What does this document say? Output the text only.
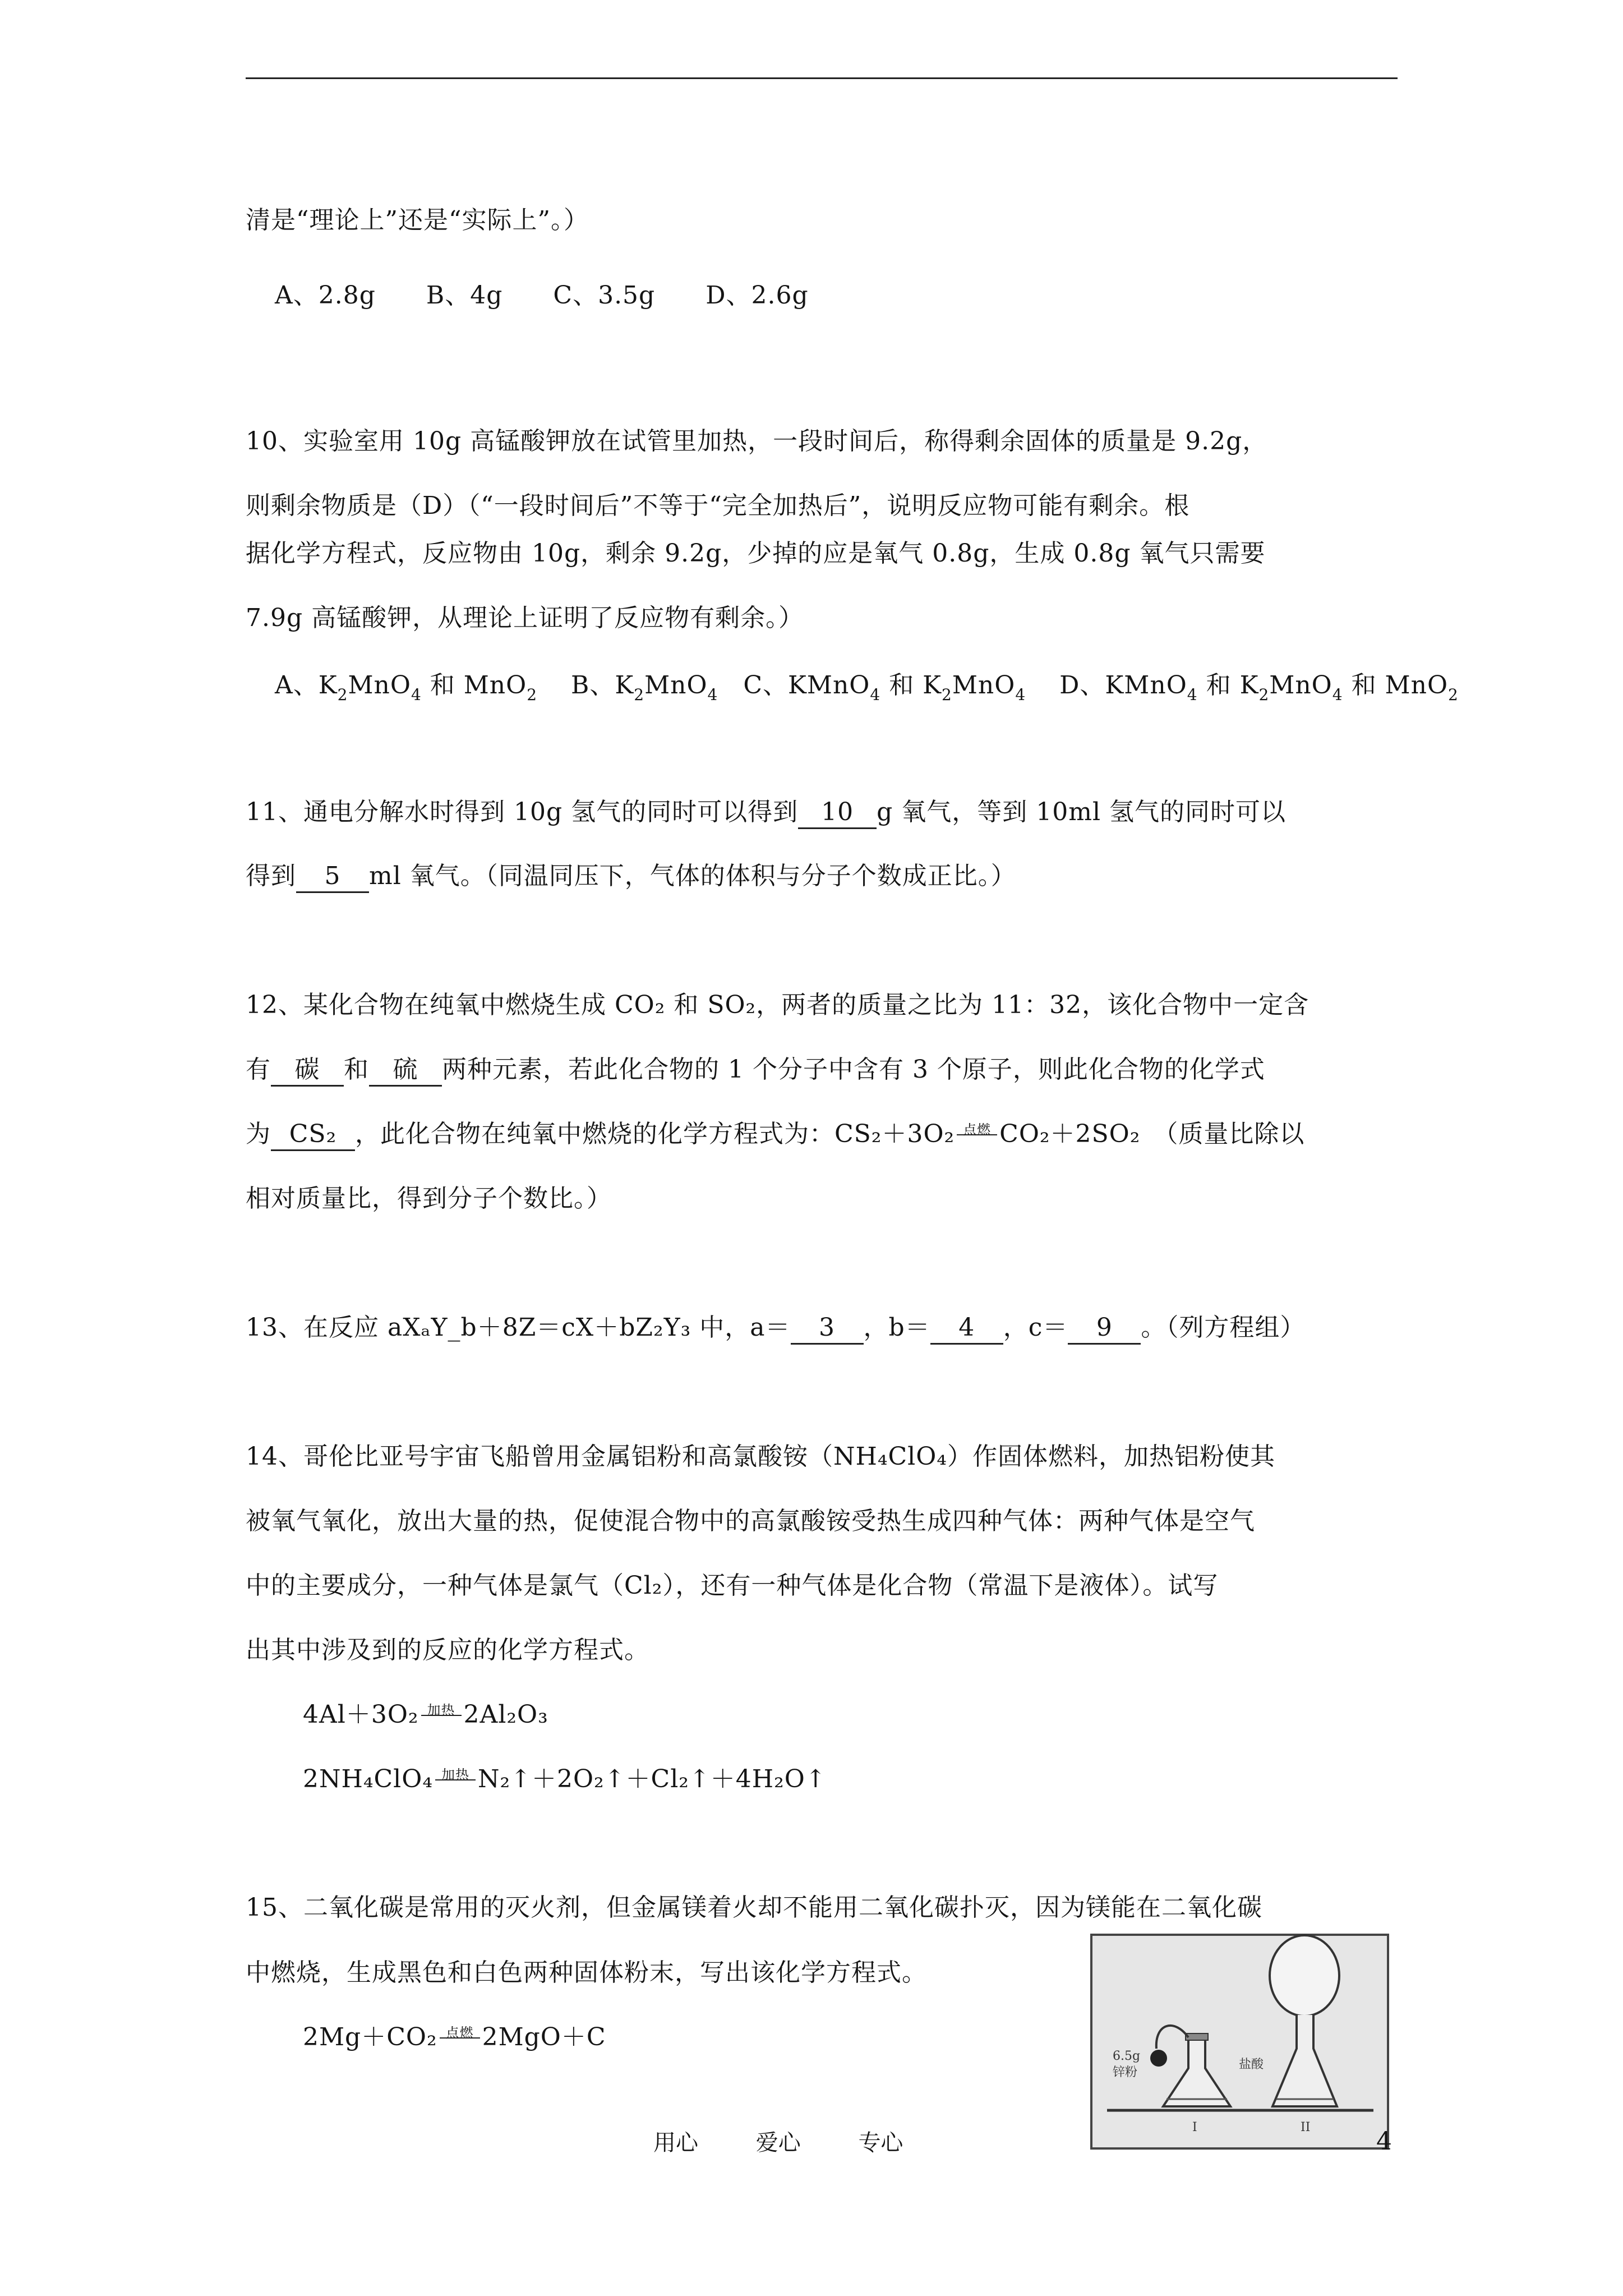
清是“理论上”还是“实际上”。）
A、2.8g　　B、4g　　C、3.5g　　D、2.6g
10、实验室用 10g 高锰酸钾放在试管里加热，一段时间后，称得剩余固体的质量是 9.2g，
则剩余物质是（D）（“一段时间后”不等于“完全加热后”，说明反应物可能有剩余。根
据化学方程式，反应物由 10g，剩余 9.2g，少掉的应是氧气 0.8g，生成 0.8g 氧气只需要
7.9g 高锰酸钾，从理论上证明了反应物有剩余。）
A、$K_2MnO_4$ 和 MnO$_2$　 B、$K_2MnO_4$　C、KMnO$_4$ 和 $K_2MnO_4$　 D、KMnO$_4$ 和 $K_2MnO_4$ 和 MnO$_2$
11、通电分解水时得到 10g 氢气的同时可以得到 10 g 氧气，等到 10ml 氢气的同时可以
得到 5 ml 氧气。（同温同压下，气体的体积与分子个数成正比。）
12、某化合物在纯氧中燃烧生成 CO₂ 和 SO₂，两者的质量之比为 11：32，该化合物中一定含
有 碳 和 硫 两种元素，若此化合物的 1 个分子中含有 3 个原子，则此化合物的化学式
为 CS₂ ，此化合物在纯氧中燃烧的化学方程式为：CS₂＋3O₂ 点燃 CO₂＋2SO₂　（质量比除以
相对质量比，得到分子个数比。）
13、在反应 aXₐY_b＋8Z＝cX＋bZ₂Y₃ 中，a＝ 3 ，b＝ 4 ，c＝ 9 。（列方程组）
14、哥伦比亚号宇宙飞船曾用金属铝粉和高氯酸铵（NH₄ClO₄）作固体燃料，加热铝粉使其
被氧气氧化，放出大量的热，促使混合物中的高氯酸铵受热生成四种气体：两种气体是空气
中的主要成分，一种气体是氯气（Cl₂），还有一种气体是化合物（常温下是液体）。试写
出其中涉及到的反应的化学方程式。
4Al＋3O₂ 加热 2Al₂O₃
2NH₄ClO₄ 加热 N₂↑＋2O₂↑＋Cl₂↑＋4H₂O↑
15、二氧化碳是常用的灭火剂，但金属镁着火却不能用二氧化碳扑灭，因为镁能在二氧化碳
中燃烧，生成黑色和白色两种固体粉末，写出该化学方程式。
2Mg＋CO₂ 点燃 2MgO＋C
6.5g
锌粉
盐酸
I	II
用心	爱心	专心	4
